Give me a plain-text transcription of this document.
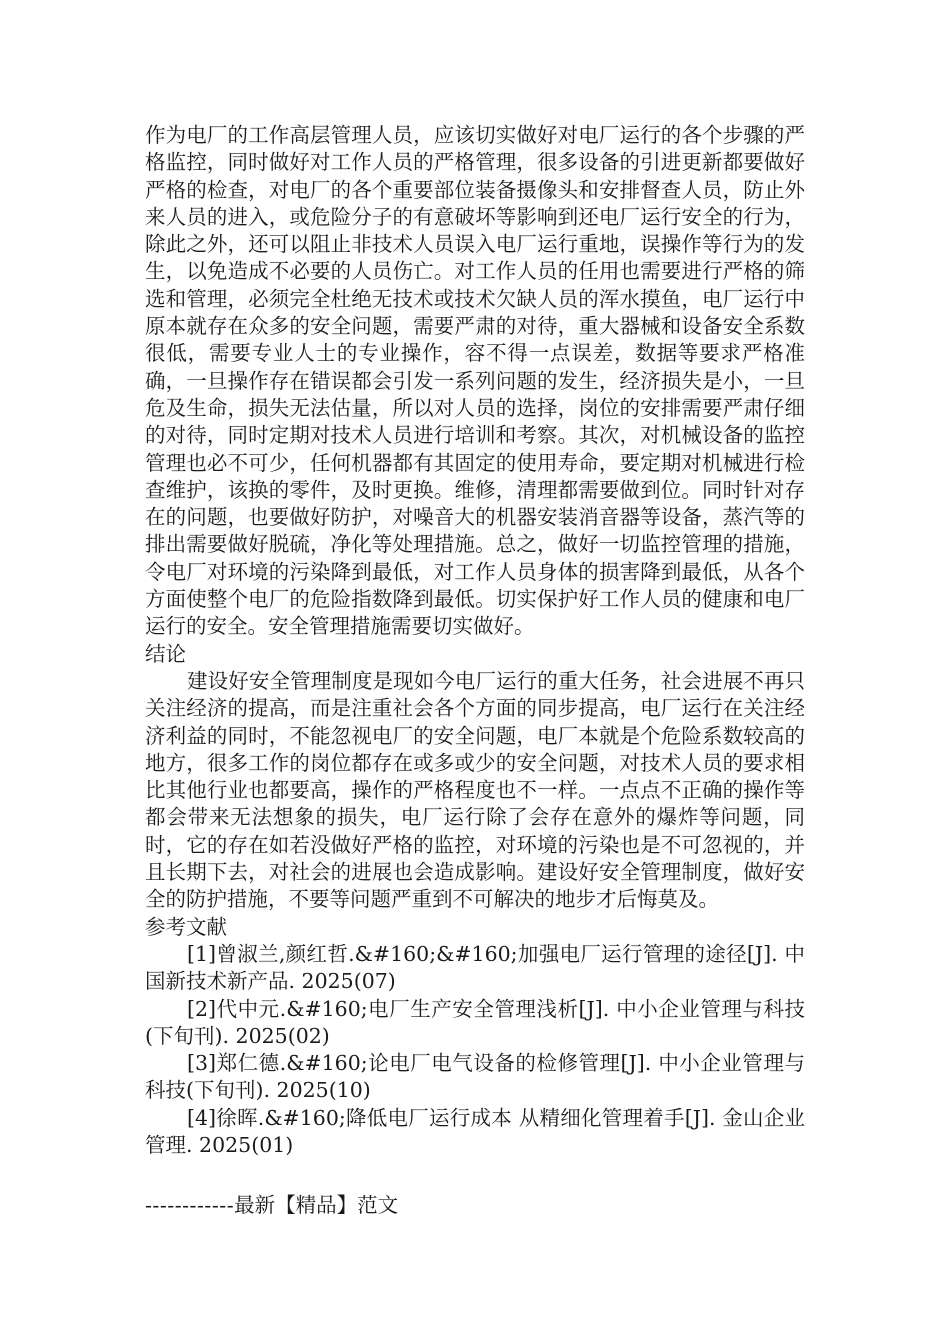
作为电厂的工作高层管理人员，应该切实做好对电厂运行的各个步骤的严格监控，同时做好对工作人员的严格管理，很多设备的引进更新都要做好严格的检查，对电厂的各个重要部位装备摄像头和安排督查人员，防止外来人员的进入，或危险分子的有意破坏等影响到还电厂运行安全的行为，除此之外，还可以阻止非技术人员误入电厂运行重地，误操作等行为的发生，以免造成不必要的人员伤亡。对工作人员的任用也需要进行严格的筛选和管理，必须完全杜绝无技术或技术欠缺人员的浑水摸鱼，电厂运行中原本就存在众多的安全问题，需要严肃的对待，重大器械和设备安全系数很低，需要专业人士的专业操作，容不得一点误差，数据等要求严格准确，一旦操作存在错误都会引发一系列问题的发生，经济损失是小，一旦危及生命，损失无法估量，所以对人员的选择，岗位的安排需要严肃仔细的对待，同时定期对技术人员进行培训和考察。其次，对机械设备的监控管理也必不可少，任何机器都有其固定的使用寿命，要定期对机械进行检查维护，该换的零件，及时更换。维修，清理都需要做到位。同时针对存在的问题，也要做好防护，对噪音大的机器安装消音器等设备，蒸汽等的排出需要做好脱硫，净化等处理措施。总之，做好一切监控管理的措施，令电厂对环境的污染降到最低，对工作人员身体的损害降到最低，从各个方面使整个电厂的危险指数降到最低。切实保护好工作人员的健康和电厂运行的安全。安全管理措施需要切实做好。

结论

建设好安全管理制度是现如今电厂运行的重大任务，社会进展不再只关注经济的提高，而是注重社会各个方面的同步提高，电厂运行在关注经济利益的同时，不能忽视电厂的安全问题，电厂本就是个危险系数较高的地方，很多工作的岗位都存在或多或少的安全问题，对技术人员的要求相比其他行业也都要高，操作的严格程度也不一样。一点点不正确的操作等都会带来无法想象的损失，电厂运行除了会存在意外的爆炸等问题，同时，它的存在如若没做好严格的监控，对环境的污染也是不可忽视的，并且长期下去，对社会的进展也会造成影响。建设好安全管理制度，做好安全的防护措施，不要等问题严重到不可解决的地步才后悔莫及。

参考文献

[1]曾淑兰,颜红哲.&#160;&#160;加强电厂运行管理的途径[J]. 中国新技术新产品. 2025(07)

[2]代中元.&#160;电厂生产安全管理浅析[J]. 中小企业管理与科技(下旬刊). 2025(02)

[3]郑仁德.&#160;论电厂电气设备的检修管理[J]. 中小企业管理与科技(下旬刊). 2025(10)

[4]徐晖.&#160;降低电厂运行成本 从精细化管理着手[J]. 金山企业管理. 2025(01)

------------最新【精品】范文
